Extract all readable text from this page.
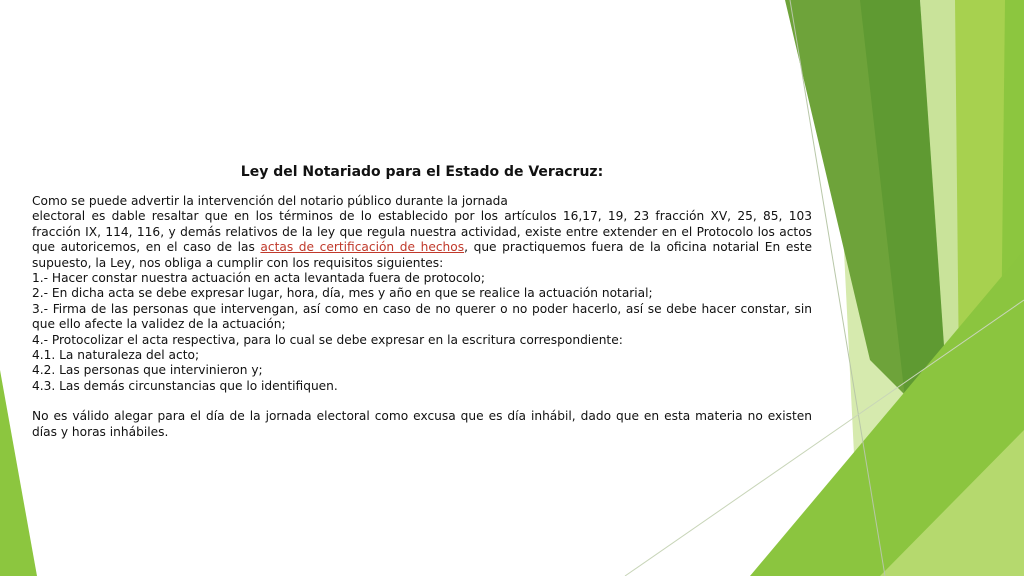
Ley del Notariado para el Estado de Veracruz:

Como se puede advertir la intervención del notario público durante la jornada

electoral es dable resaltar que en los términos de lo establecido por los artículos 16,17, 19, 23 fracción XV, 25, 85, 103 fracción IX, 114, 116, y demás relativos de la ley que regula nuestra actividad, existe entre extender en el Protocolo los actos que autoricemos, en el caso de las actas de certificación de hechos, que practiquemos fuera de la oficina notarial En este supuesto, la Ley, nos obliga a cumplir con los requisitos siguientes:

1.- Hacer constar nuestra actuación en acta levantada fuera de protocolo;

2.- En dicha acta se debe expresar lugar, hora, día, mes y año en que se realice la actuación notarial;

3.- Firma de las personas que intervengan, así como en caso de no querer o no poder hacerlo, así se debe hacer constar, sin que ello afecte la validez de la actuación;

4.- Protocolizar el acta respectiva, para lo cual se debe expresar en la escritura correspondiente:

4.1. La naturaleza del acto;

4.2. Las personas que intervinieron y;

4.3. Las demás circunstancias que lo identifiquen.

No es válido alegar para el día de la jornada electoral como excusa que es día inhábil, dado que en esta materia no existen días y horas inhábiles.
